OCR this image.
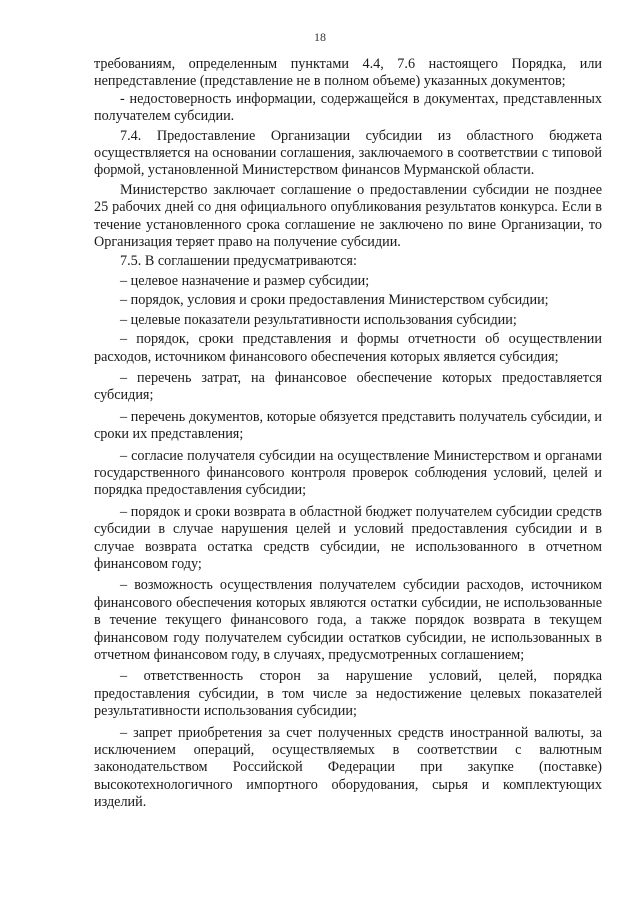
18

требованиям, определенным пунктами 4.4, 7.6 настоящего Порядка, или непредставление (представление не в полном объеме) указанных документов;

- недостоверность информации, содержащейся в документах, представленных получателем субсидии.

7.4. Предоставление Организации субсидии из областного бюджета осуществляется на основании соглашения, заключаемого в соответствии с типовой формой, установленной Министерством финансов Мурманской области.

Министерство заключает соглашение о предоставлении субсидии не позднее 25 рабочих дней со дня официального опубликования результатов конкурса. Если в течение установленного срока соглашение не заключено по вине Организации, то Организация теряет право на получение субсидии.

7.5. В соглашении предусматриваются:

– целевое назначение и размер субсидии;

– порядок, условия и сроки предоставления Министерством субсидии;

– целевые показатели результативности использования субсидии;

– порядок, сроки представления и формы отчетности об осуществлении расходов, источником финансового обеспечения которых является субсидия;

– перечень затрат, на финансовое обеспечение которых предоставляется субсидия;

– перечень документов, которые обязуется представить получатель субсидии, и сроки их представления;

– согласие получателя субсидии на осуществление Министерством и органами государственного финансового контроля проверок соблюдения условий, целей и порядка предоставления субсидии;

– порядок и сроки возврата в областной бюджет получателем субсидии средств субсидии в случае нарушения целей и условий предоставления субсидии и в случае возврата остатка средств субсидии, не использованного в отчетном финансовом году;

– возможность осуществления получателем субсидии расходов, источником финансового обеспечения которых являются остатки субсидии, не использованные в течение текущего финансового года, а также порядок возврата в текущем финансовом году получателем субсидии остатков субсидии, не использованных в отчетном финансовом году, в случаях, предусмотренных соглашением;

– ответственность сторон за нарушение условий, целей, порядка предоставления субсидии, в том числе за недостижение целевых показателей результативности использования субсидии;

– запрет приобретения за счет полученных средств иностранной валюты, за исключением операций, осуществляемых в соответствии с валютным законодательством Российской Федерации при закупке (поставке) высокотехнологичного импортного оборудования, сырья и комплектующих изделий.
